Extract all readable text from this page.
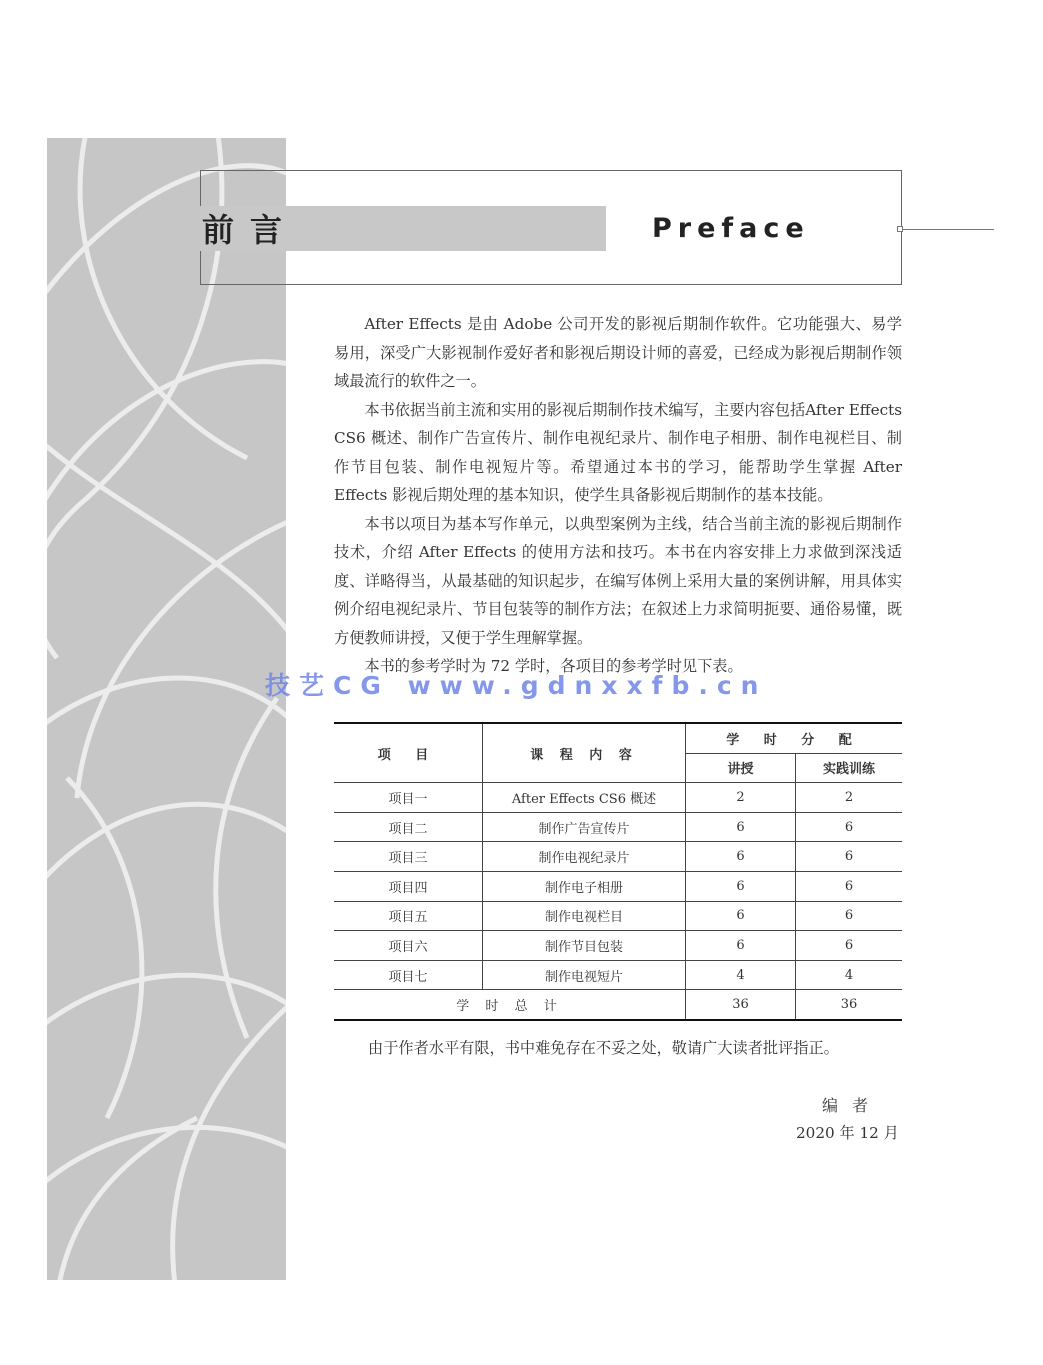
前言	Preface

After Effects 是由 Adobe 公司开发的影视后期制作软件。它功能强大、易学易用，深受广大影视制作爱好者和影视后期设计师的喜爱，已经成为影视后期制作领域最流行的软件之一。

本书依据当前主流和实用的影视后期制作技术编写，主要内容包括After Effects CS6 概述、制作广告宣传片、制作电视纪录片、制作电子相册、制作电视栏目、制作节目包装、制作电视短片等。希望通过本书的学习，能帮助学生掌握 After Effects 影视后期处理的基本知识，使学生具备影视后期制作的基本技能。

本书以项目为基本写作单元，以典型案例为主线，结合当前主流的影视后期制作技术，介绍 After Effects 的使用方法和技巧。本书在内容安排上力求做到深浅适度、详略得当，从最基础的知识起步，在编写体例上采用大量的案例讲解，用具体实例介绍电视纪录片、节目包装等的制作方法；在叙述上力求简明扼要、通俗易懂，既方便教师讲授，又便于学生理解掌握。

本书的参考学时为 72 学时，各项目的参考学时见下表。

技艺CG www.gdnxxfb.cn
项 目	课 程 内 容	学 时 分 配	
		讲授	实践训练
项目一	After Effects CS6 概述	2	2
项目二	制作广告宣传片	6	6
项目三	制作电视纪录片	6	6
项目四	制作电子相册	6	6
项目五	制作电视栏目	6	6
项目六	制作节目包装	6	6
项目七	制作电视短片	4	4
学 时 总 计		36	36
由于作者水平有限，书中难免存在不妥之处，敬请广大读者批评指正。
编者
2020 年 12 月
